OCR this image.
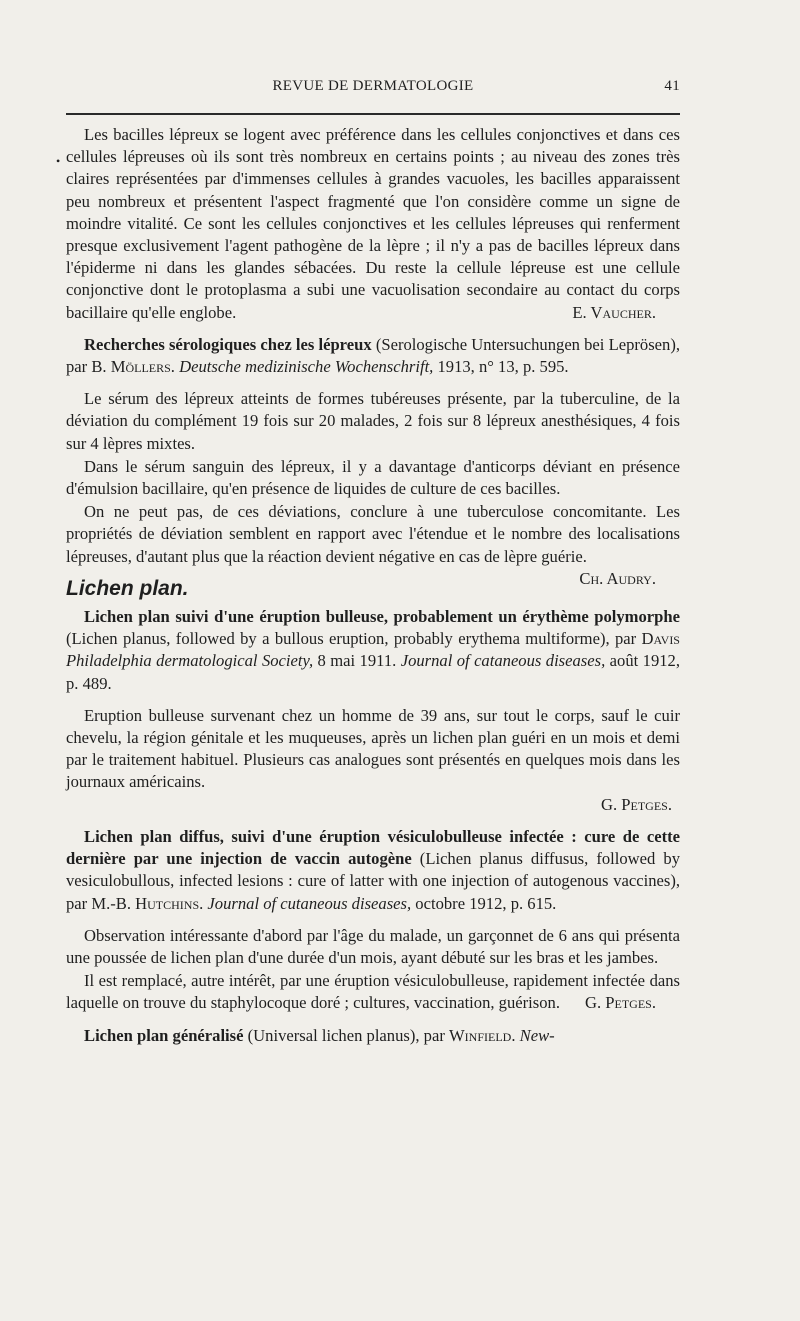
REVUE DE DERMATOLOGIE	41
•

Les bacilles lépreux se logent avec préférence dans les cellules conjonctives et dans ces cellules lépreuses où ils sont très nombreux en certains points ; au niveau des zones très claires représentées par d'immenses cellules à grandes vacuoles, les bacilles apparaissent peu nombreux et présentent l'aspect fragmenté que l'on considère comme un signe de moindre vitalité. Ce sont les cellules conjonctives et les cellules lépreuses qui renferment presque exclusivement l'agent pathogène de la lèpre ; il n'y a pas de bacilles lépreux dans l'épiderme ni dans les glandes sébacées. Du reste la cellule lépreuse est une cellule conjonctive dont le protoplasma a subi une vacuolisation secondaire au contact du corps bacillaire qu'elle englobe.	E. Vaucher.

Recherches sérologiques chez les lépreux (Serologische Untersuchungen bei Leprösen), par B. Möllers. Deutsche medizinische Wochenschrift, 1913, n° 13, p. 595.

Le sérum des lépreux atteints de formes tubéreuses présente, par la tuberculine, de la déviation du complément 19 fois sur 20 malades, 2 fois sur 8 lépreux anesthésiques, 4 fois sur 4 lèpres mixtes.

Dans le sérum sanguin des lépreux, il y a davantage d'anticorps déviant en présence d'émulsion bacillaire, qu'en présence de liquides de culture de ces bacilles.

On ne peut pas, de ces déviations, conclure à une tuberculose concomitante. Les propriétés de déviation semblent en rapport avec l'étendue et le nombre des localisations lépreuses, d'autant plus que la réaction devient négative en cas de lèpre guérie.
Ch. Audry.

Lichen plan.

Lichen plan suivi d'une éruption bulleuse, probablement un érythème polymorphe (Lichen planus, followed by a bullous eruption, probably erythema multiforme), par Davis Philadelphia dermatological Society, 8 mai 1911. Journal of cataneous diseases, août 1912, p. 489.

Eruption bulleuse survenant chez un homme de 39 ans, sur tout le corps, sauf le cuir chevelu, la région génitale et les muqueuses, après un lichen plan guéri en un mois et demi par le traitement habituel. Plusieurs cas analogues sont présentés en quelques mois dans les journaux américains.

G. Petges.

Lichen plan diffus, suivi d'une éruption vésiculobulleuse infectée : cure de cette dernière par une injection de vaccin autogène (Lichen planus diffusus, followed by vesiculobullous, infected lesions : cure of latter with one injection of autogenous vaccines), par M.-B. Hutchins. Journal of cutaneous diseases, octobre 1912, p. 615.

Observation intéressante d'abord par l'âge du malade, un garçonnet de 6 ans qui présenta une poussée de lichen plan d'une durée d'un mois, ayant débuté sur les bras et les jambes.

Il est remplacé, autre intérêt, par une éruption vésiculobulleuse, rapidement infectée dans laquelle on trouve du staphylocoque doré ; cultures, vaccination, guérison.	G. Petges.

Lichen plan généralisé (Universal lichen planus), par Winfield. New-
